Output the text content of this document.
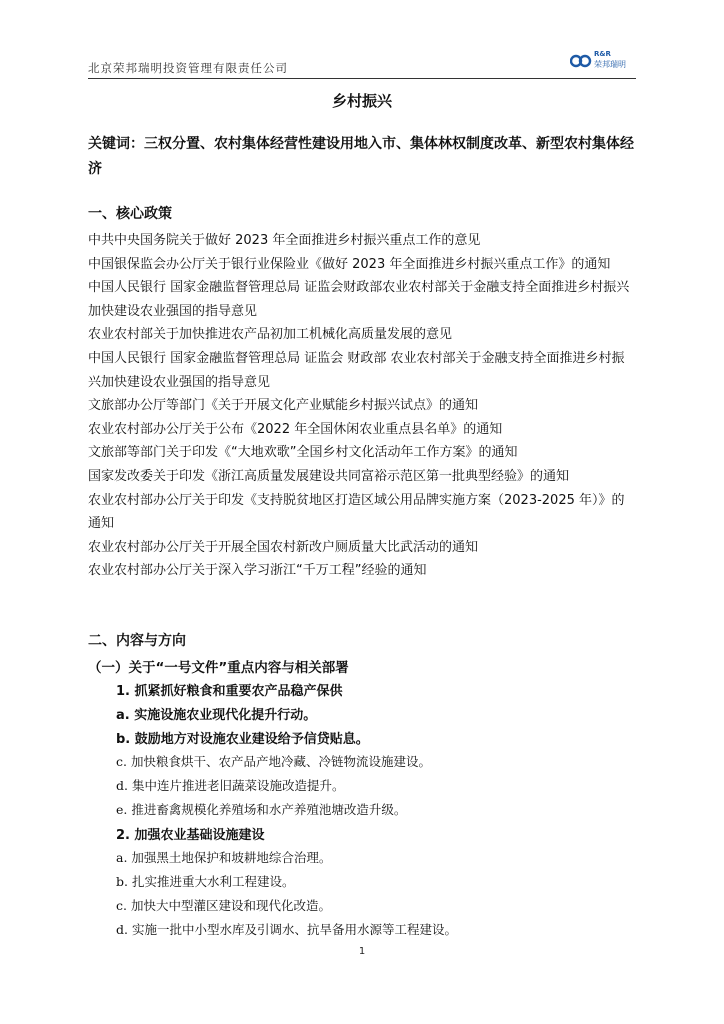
北京荣邦瑞明投资管理有限责任公司
R&R
荣邦瑞明
乡村振兴
关键词：三权分置、农村集体经营性建设用地入市、集体林权制度改革、新型农村集体经济
一、核心政策
中共中央国务院关于做好 2023 年全面推进乡村振兴重点工作的意见
中国银保监会办公厅关于银行业保险业《做好 2023 年全面推进乡村振兴重点工作》的通知
中国人民银行 国家金融监督管理总局 证监会财政部农业农村部关于金融支持全面推进乡村振兴加快建设农业强国的指导意见
农业农村部关于加快推进农产品初加工机械化高质量发展的意见
中国人民银行 国家金融监督管理总局 证监会 财政部 农业农村部关于金融支持全面推进乡村振兴加快建设农业强国的指导意见
文旅部办公厅等部门《关于开展文化产业赋能乡村振兴试点》的通知
农业农村部办公厅关于公布《2022 年全国休闲农业重点县名单》的通知
文旅部等部门关于印发《“大地欢歌”全国乡村文化活动年工作方案》的通知
国家发改委关于印发《浙江高质量发展建设共同富裕示范区第一批典型经验》的通知
农业农村部办公厅关于印发《支持脱贫地区打造区域公用品牌实施方案（2023-2025 年）》的通知
农业农村部办公厅关于开展全国农村新改户厕质量大比武活动的通知
农业农村部办公厅关于深入学习浙江“千万工程”经验的通知
二、内容与方向
（一）关于“一号文件”重点内容与相关部署
1. 抓紧抓好粮食和重要农产品稳产保供
a. 实施设施农业现代化提升行动。
b. 鼓励地方对设施农业建设给予信贷贴息。
c. 加快粮食烘干、农产品产地冷藏、冷链物流设施建设。
d. 集中连片推进老旧蔬菜设施改造提升。
e. 推进畜禽规模化养殖场和水产养殖池塘改造升级。
2. 加强农业基础设施建设
a. 加强黑土地保护和坡耕地综合治理。
b. 扎实推进重大水利工程建设。
c. 加快大中型灌区建设和现代化改造。
d. 实施一批中小型水库及引调水、抗旱备用水源等工程建设。
1
